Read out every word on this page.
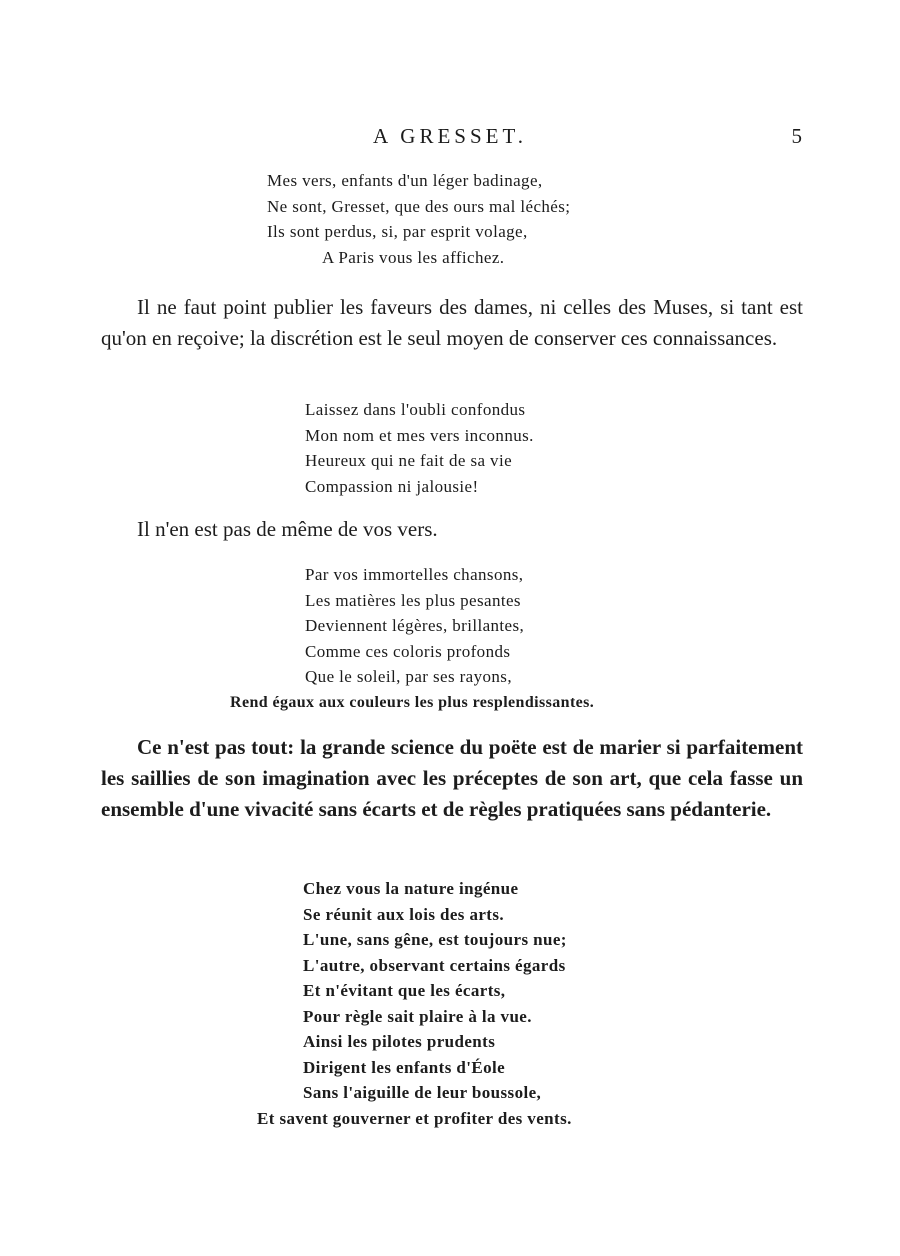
A GRESSET.	5
Mes vers, enfants d'un léger badinage,
Ne sont, Gresset, que des ours mal léchés;
Ils sont perdus, si, par esprit volage,
A Paris vous les affichez.

Il ne faut point publier les faveurs des dames, ni celles des Muses, si tant est qu'on en reçoive; la discrétion est le seul moyen de conserver ces connaissances.

Laissez dans l'oubli confondus
Mon nom et mes vers inconnus.
Heureux qui ne fait de sa vie
Compassion ni jalousie!

Il n'en est pas de même de vos vers.

Par vos immortelles chansons,
Les matières les plus pesantes
Deviennent légères, brillantes,
Comme ces coloris profonds
Que le soleil, par ses rayons,
Rend égaux aux couleurs les plus resplendissantes.

Ce n'est pas tout: la grande science du poëte est de marier si parfaitement les saillies de son imagination avec les préceptes de son art, que cela fasse un ensemble d'une vivacité sans écarts et de règles pratiquées sans pédanterie.

Chez vous la nature ingénue
Se réunit aux lois des arts.
L'une, sans gêne, est toujours nue;
L'autre, observant certains égards
Et n'évitant que les écarts,
Pour règle sait plaire à la vue.
Ainsi les pilotes prudents
Dirigent les enfants d'Éole
Sans l'aiguille de leur boussole,
Et savent gouverner et profiter des vents.
